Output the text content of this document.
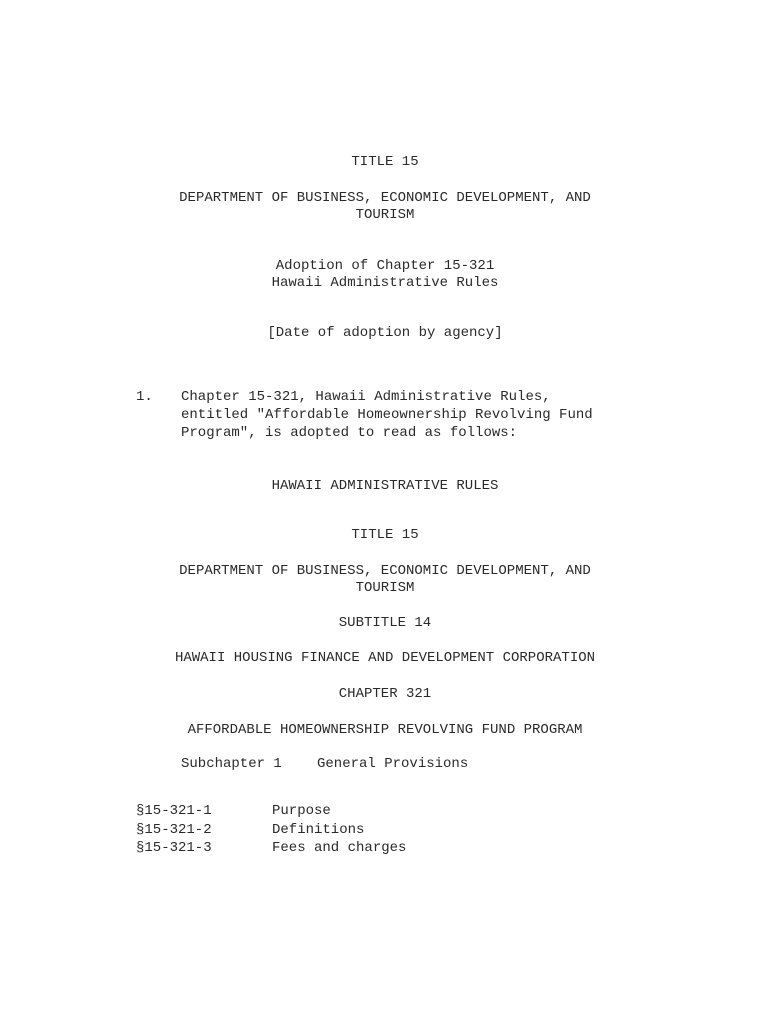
TITLE 15
DEPARTMENT OF BUSINESS, ECONOMIC DEVELOPMENT, AND
TOURISM
Adoption of Chapter 15-321
Hawaii Administrative Rules
[Date of adoption by agency]
1. Chapter 15-321, Hawaii Administrative Rules,
entitled "Affordable Homeownership Revolving Fund
Program", is adopted to read as follows:
HAWAII ADMINISTRATIVE RULES
TITLE 15
DEPARTMENT OF BUSINESS, ECONOMIC DEVELOPMENT, AND
TOURISM
SUBTITLE 14
HAWAII HOUSING FINANCE AND DEVELOPMENT CORPORATION
CHAPTER 321
AFFORDABLE HOMEOWNERSHIP REVOLVING FUND PROGRAM
Subchapter 1	General Provisions
§15-321-1	Purpose
§15-321-2	Definitions
§15-321-3	Fees and charges
